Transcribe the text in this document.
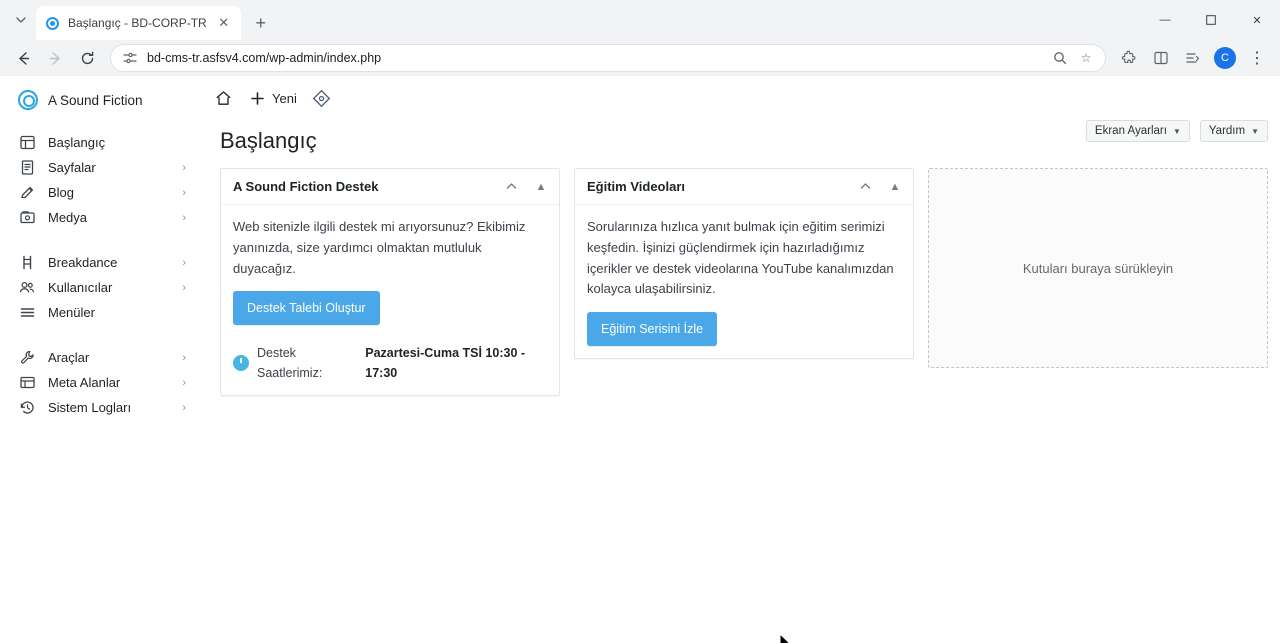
Başlangıç - BD-CORP-TR ✕	+	—	✕
bd-cms-tr.asfsv4.com/wp-admin/index.php	☆	C	⋮
A Sound Fiction
Başlangıç
Sayfalar	›
Blog	›
Medya	›
Breakdance	›
Kullanıcılar	›
Menüler
Araçlar	›
Meta Alanlar	›
Sistem Logları	›
Yeni
Ekran Ayarları ▼ Yardım ▼
Başlangıç
A Sound Fiction Destek	▲
Web sitenizle ilgili destek mi arıyorsunuz? Ekibimiz yanınızda, size yardımcı olmaktan mutluluk duyacağız.
Destek Talebi Oluştur
Destek Saatlerimiz:
Pazartesi-Cuma TSİ 10:30 - 17:30
Eğitim Videoları	▲
Sorularınıza hızlıca yanıt bulmak için eğitim serimizi keşfedin. İşinizi güçlendirmek için hazırladığımız içerikler ve destek videolarına YouTube kanalımızdan kolayca ulaşabilirsiniz.
Eğitim Serisini İzle
Kutuları buraya sürükleyin
